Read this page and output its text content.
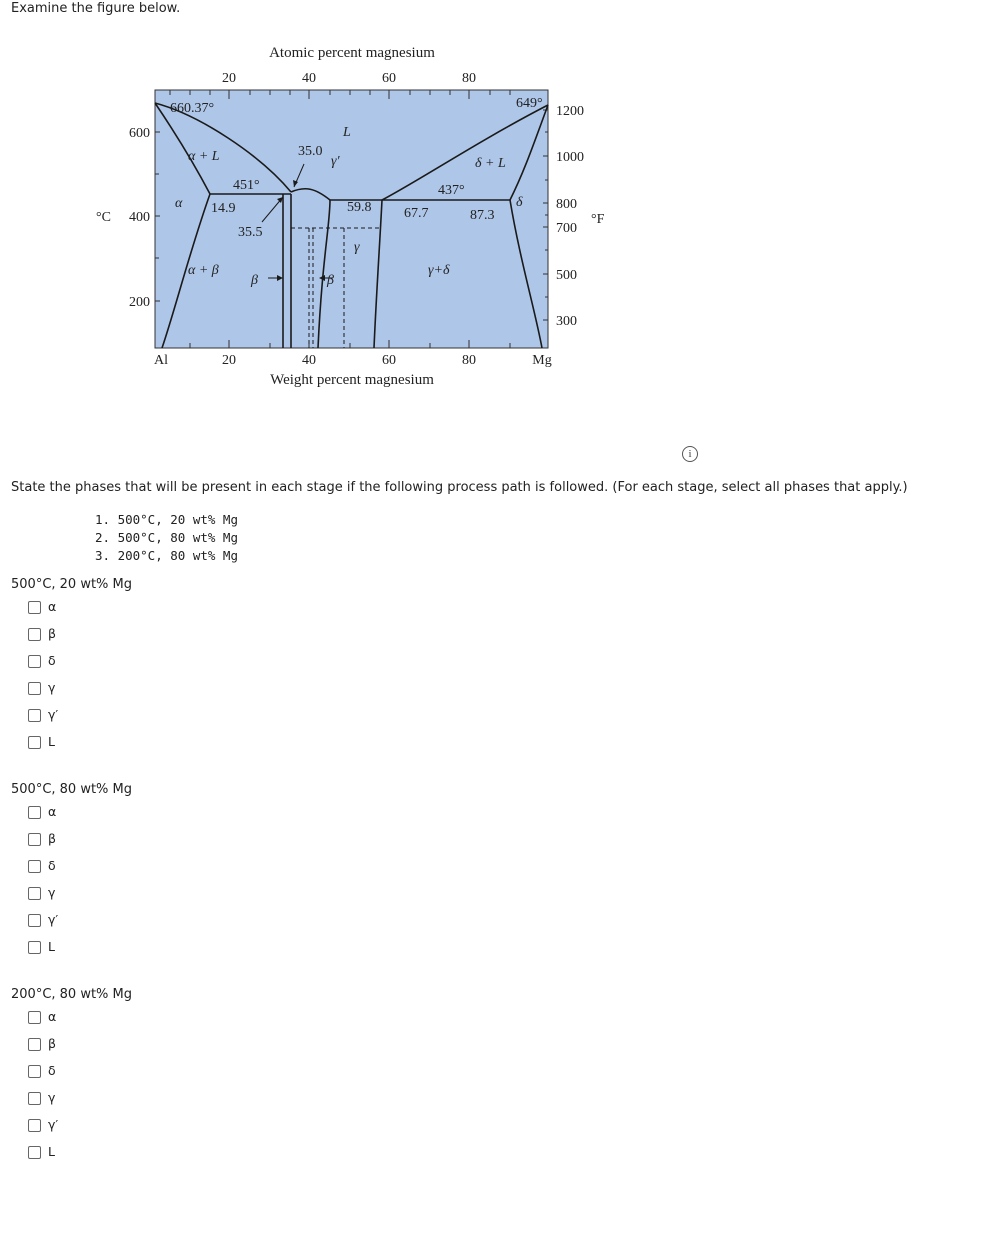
Examine the figure below.
Atomic percent magnesium
Weight percent magnesium
20	40	60	80
Al	20	40	60	80	Mg
°C
600
400
200
°F
1200
1000
800
700
500
300
660.37°	649°
L
α + L	δ + L
451°	437°
α	δ
γ
γ′
35.0
14.9
35.5
59.8 67.7	87.3
α + β
β	β
γ+δ
i
State the phases that will be present in each stage if the following process path is followed. (For each stage, select all phases that apply.)
1. 500°C, 20 wt% Mg
2. 500°C, 80 wt% Mg
3. 200°C, 80 wt% Mg
500°C, 20 wt% Mg
α
β
δ
γ
γ′
L
500°C, 80 wt% Mg
α
β
δ
γ
γ′
L
200°C, 80 wt% Mg
α
β
δ
γ
γ′
L
